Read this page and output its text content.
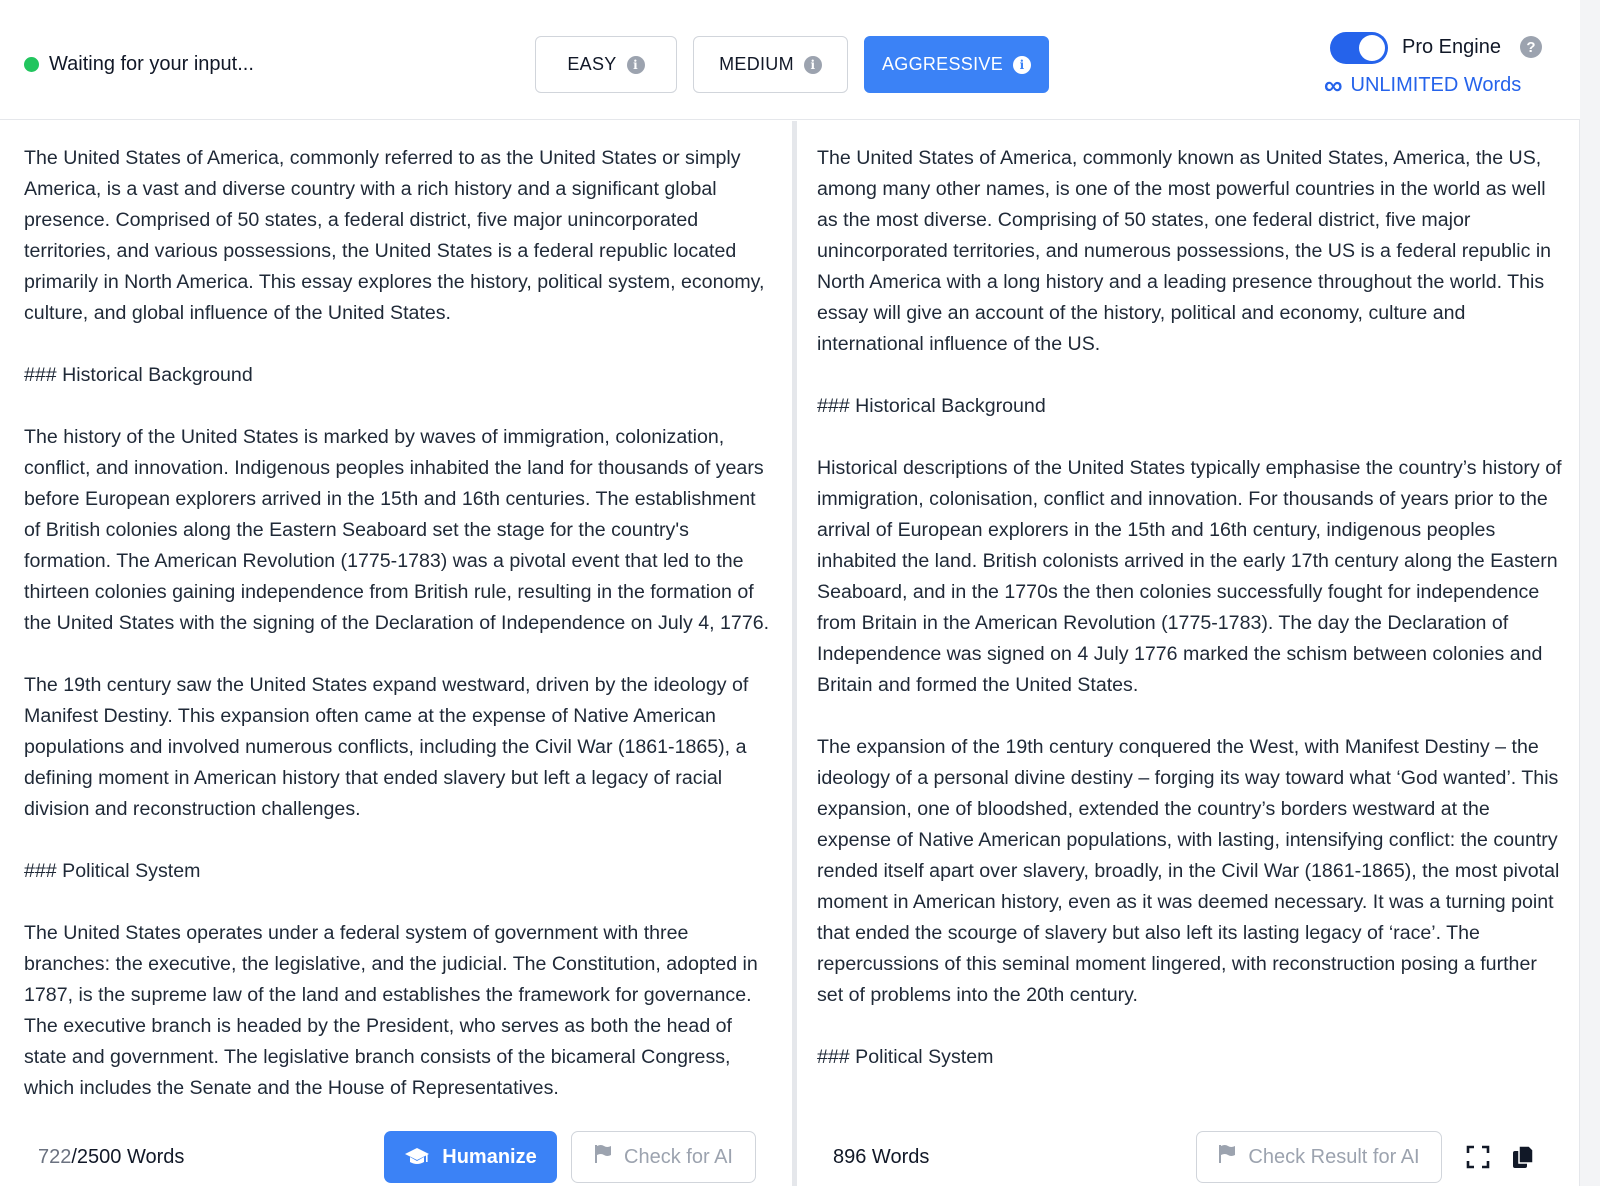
Waiting for your input...	EASY	i	MEDIUM	i	AGGRESSIVE	i
Pro Engine	?
∞ UNLIMITED Words
The United States of America, commonly referred to as the United States or simply America, is a vast and diverse country with a rich history and a significant global presence. Comprised of 50 states, a federal district, five major unincorporated territories, and various possessions, the United States is a federal republic located primarily in North America. This essay explores the history, political system, economy, culture, and global influence of the United States.

### Historical Background

The history of the United States is marked by waves of immigration, colonization, conflict, and innovation. Indigenous peoples inhabited the land for thousands of years before European explorers arrived in the 15th and 16th centuries. The establishment of British colonies along the Eastern Seaboard set the stage for the country's formation. The American Revolution (1775-1783) was a pivotal event that led to the thirteen colonies gaining independence from British rule, resulting in the formation of the United States with the signing of the Declaration of Independence on July 4, 1776.

The 19th century saw the United States expand westward, driven by the ideology of Manifest Destiny. This expansion often came at the expense of Native American populations and involved numerous conflicts, including the Civil War (1861-1865), a defining moment in American history that ended slavery but left a legacy of racial division and reconstruction challenges.

### Political System

The United States operates under a federal system of government with three branches: the executive, the legislative, and the judicial. The Constitution, adopted in 1787, is the supreme law of the land and establishes the framework for governance. The executive branch is headed by the President, who serves as both the head of state and government. The legislative branch consists of the bicameral Congress, which includes the Senate and the House of Representatives.
The United States of America, commonly known as United States, America, the US, among many other names, is one of the most powerful countries in the world as well as the most diverse. Comprising of 50 states, one federal district, five major unincorporated territories, and numerous possessions, the US is a federal republic in North America with a long history and a leading presence throughout the world. This essay will give an account of the history, political and economy, culture and international influence of the US.

### Historical Background

Historical descriptions of the United States typically emphasise the country’s history of immigration, colonisation, conflict and innovation. For thousands of years prior to the arrival of European explorers in the 15th and 16th century, indigenous peoples inhabited the land. British colonists arrived in the early 17th century along the Eastern Seaboard, and in the 1770s the then colonies successfully fought for independence from Britain in the American Revolution (1775-1783). The day the Declaration of Independence was signed on 4 July 1776 marked the schism between colonies and Britain and formed the United States.

The expansion of the 19th century conquered the West, with Manifest Destiny – the ideology of a personal divine destiny – forging its way toward what ‘God wanted’. This expansion, one of bloodshed, extended the country’s borders westward at the expense of Native American populations, with lasting, intensifying conflict: the country rended itself apart over slavery, broadly, in the Civil War (1861-1865), the most pivotal moment in American history, even as it was deemed necessary. It was a turning point that ended the scourge of slavery but also left its lasting legacy of ‘race’. The repercussions of this seminal moment lingered, with reconstruction posing a further set of problems into the 20th century.

### Political System
722/2500 Words	Humanize	Check for AI	896 Words	Check Result for AI
